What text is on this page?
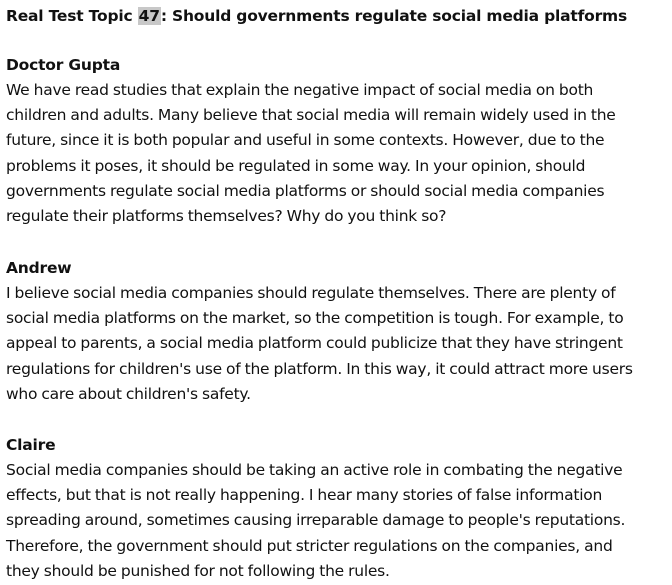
Real Test Topic 47: Should governments regulate social media platforms
Doctor Gupta
We have read studies that explain the negative impact of social media on both
children and adults. Many believe that social media will remain widely used in the
future, since it is both popular and useful in some contexts. However, due to the
problems it poses, it should be regulated in some way. In your opinion, should
governments regulate social media platforms or should social media companies
regulate their platforms themselves? Why do you think so?
Andrew
I believe social media companies should regulate themselves. There are plenty of
social media platforms on the market, so the competition is tough. For example, to
appeal to parents, a social media platform could publicize that they have stringent
regulations for children's use of the platform. In this way, it could attract more users
who care about children's safety.
Claire
Social media companies should be taking an active role in combating the negative
effects, but that is not really happening. I hear many stories of false information
spreading around, sometimes causing irreparable damage to people's reputations.
Therefore, the government should put stricter regulations on the companies, and
they should be punished for not following the rules.
